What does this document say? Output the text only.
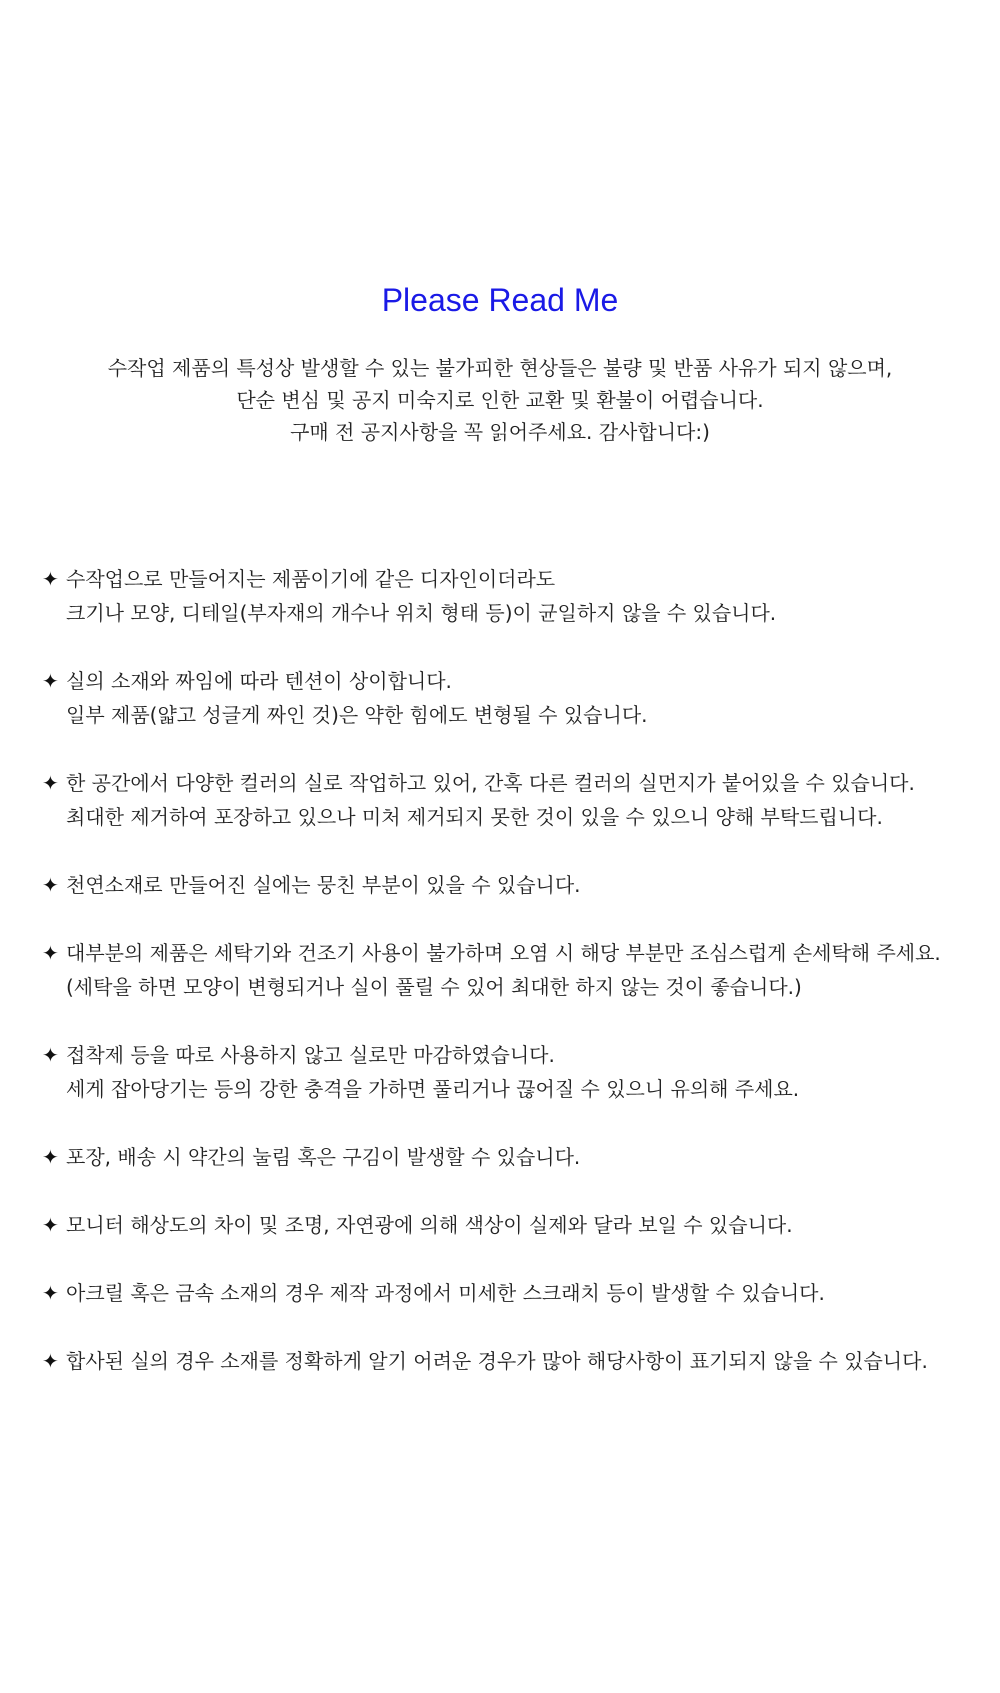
Please Read Me
수작업 제품의 특성상 발생할 수 있는 불가피한 현상들은 불량 및 반품 사유가 되지 않으며,
단순 변심 및 공지 미숙지로 인한 교환 및 환불이 어렵습니다.
구매 전 공지사항을 꼭 읽어주세요. 감사합니다:)
✦ 수작업으로 만들어지는 제품이기에 같은 디자인이더라도
크기나 모양, 디테일(부자재의 개수나 위치 형태 등)이 균일하지 않을 수 있습니다.
✦ 실의 소재와 짜임에 따라 텐션이 상이합니다.
일부 제품(얇고 성글게 짜인 것)은 약한 힘에도 변형될 수 있습니다.
✦ 한 공간에서 다양한 컬러의 실로 작업하고 있어, 간혹 다른 컬러의 실먼지가 붙어있을 수 있습니다.
최대한 제거하여 포장하고 있으나 미처 제거되지 못한 것이 있을 수 있으니 양해 부탁드립니다.
✦ 천연소재로 만들어진 실에는 뭉친 부분이 있을 수 있습니다.
✦ 대부분의 제품은 세탁기와 건조기 사용이 불가하며 오염 시 해당 부분만 조심스럽게 손세탁해 주세요.
(세탁을 하면 모양이 변형되거나 실이 풀릴 수 있어 최대한 하지 않는 것이 좋습니다.)
✦ 접착제 등을 따로 사용하지 않고 실로만 마감하였습니다.
세게 잡아당기는 등의 강한 충격을 가하면 풀리거나 끊어질 수 있으니 유의해 주세요.
✦ 포장, 배송 시 약간의 눌림 혹은 구김이 발생할 수 있습니다.
✦ 모니터 해상도의 차이 및 조명, 자연광에 의해 색상이 실제와 달라 보일 수 있습니다.
✦ 아크릴 혹은 금속 소재의 경우 제작 과정에서 미세한 스크래치 등이 발생할 수 있습니다.
✦ 합사된 실의 경우 소재를 정확하게 알기 어려운 경우가 많아 해당사항이 표기되지 않을 수 있습니다.
